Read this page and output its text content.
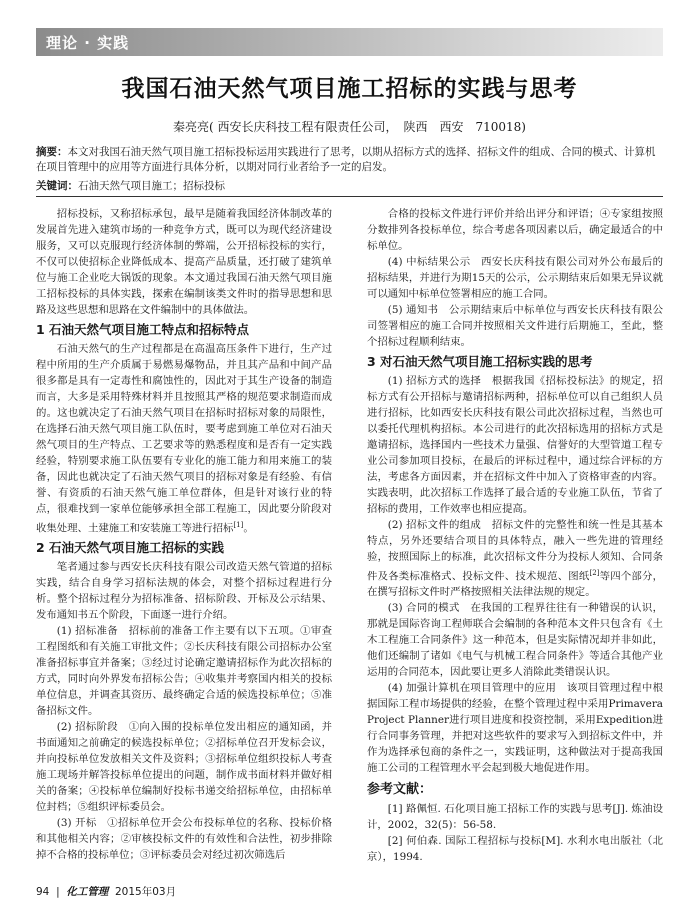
理论 · 实践
我国石油天然气项目施工招标的实践与思考
秦亮亮( 西安长庆科技工程有限责任公司，　陕西　西安　710018)
摘要：本文对我国石油天然气项目施工招标投标运用实践进行了思考，以期从招标方式的选择、招标文件的组成、合同的模式、计算机在项目管理中的应用等方面进行具体分析，以期对同行业者给予一定的启发。
关键词：石油天然气项目施工；招标投标

招标投标，又称招标承包，最早是随着我国经济体制改革的发展首先进入建筑市场的一种竞争方式，既可以为现代经济建设服务，又可以克服现行经济体制的弊端，公开招标投标的实行，不仅可以使招标企业降低成本、提高产品质量，还打破了建筑单位与施工企业吃大锅饭的现象。本文通过我国石油天然气项目施工招标投标的具体实践，探索在编制该类文件时的指导思想和思路及这些思想和思路在文件编制中的具体做法。

1 石油天然气项目施工特点和招标特点

石油天然气的生产过程都是在高温高压条件下进行，生产过程中所用的生产介质属于易燃易爆物品，并且其产品和中间产品很多都是具有一定毒性和腐蚀性的，因此对于其生产设备的制造而言，大多是采用特殊材料并且按照其严格的规范要求制造而成的。这也就决定了石油天然气项目在招标时招标对象的局限性，在选择石油天然气项目施工队伍时，要考虑到施工单位对石油天然气项目的生产特点、工艺要求等的熟悉程度和是否有一定实践经验，特别要求施工队伍要有专业化的施工能力和用来施工的装备，因此也就决定了石油天然气项目的招标对象是有经验、有信誉、有资质的石油天然气施工单位群体，但是针对该行业的特点，很难找到一家单位能够承担全部工程施工，因此要分阶段对收集处理、土建施工和安装施工等进行招标[1]。

2 石油天然气项目施工招标的实践

笔者通过参与西安长庆科技有限公司改造天然气管道的招标实践，结合自身学习招标法规的体会，对整个招标过程进行分析。整个招标过程分为招标准备、招标阶段、开标及公示结果、发布通知书五个阶段，下面逐一进行介绍。

(1) 招标准备　招标前的准备工作主要有以下五项。①审查工程图纸和有关施工审批文件；②长庆科技有限公司招标办公室准备招标事宜并备案；③经过讨论确定邀请招标作为此次招标的方式，同时向外界发布招标公告；④收集并考察国内相关的投标单位信息，并调查其资历、最终确定合适的候选投标单位；⑤准备招标文件。

(2) 招标阶段　①向入围的投标单位发出相应的通知函，并书面通知之前确定的候选投标单位；②招标单位召开发标会议，并向投标单位发放相关文件及资料；③招标单位组织投标人考查施工现场并解答投标单位提出的问题，制作成书面材料并做好相关的备案；④投标单位编制好投标书递交给招标单位，由招标单位封档；⑤组织评标委员会。

(3) 开标　①招标单位开会公布投标单位的名称、投标价格和其他相关内容；②审核投标文件的有效性和合法性，初步排除掉不合格的投标单位；③评标委员会对经过初次筛选后

合格的投标文件进行评价并给出评分和评语；④专家组按照分数排列各投标单位，综合考虑各项因素以后，确定最适合的中标单位。

(4) 中标结果公示　西安长庆科技有限公司对外公布最后的招标结果，并进行为期15天的公示，公示期结束后如果无异议就可以通知中标单位签署相应的施工合同。

(5) 通知书　公示期结束后中标单位与西安长庆科技有限公司签署相应的施工合同并按照相关文件进行后期施工，至此，整个招标过程顺利结束。

3 对石油天然气项目施工招标实践的思考

(1) 招标方式的选择　根据我国《招标投标法》的规定，招标方式有公开招标与邀请招标两种，招标单位可以自己组织人员进行招标，比如西安长庆科技有限公司此次招标过程，当然也可以委托代理机构招标。本公司进行的此次招标选用的招标方式是邀请招标，选择国内一些技术力量强、信誉好的大型管道工程专业公司参加项目投标，在最后的评标过程中，通过综合评标的方法，考虑各方面因素，并在招标文件中加入了资格审查的内容。实践表明，此次招标工作选择了最合适的专业施工队伍，节省了招标的费用，工作效率也相应提高。

(2) 招标文件的组成　招标文件的完整性和统一性是其基本特点，另外还要结合项目的具体特点，融入一些先进的管理经验，按照国际上的标准，此次招标文件分为投标人须知、合同条件及各类标准格式、投标文件、技术规范、图纸[2]等四个部分，在撰写招标文件时严格按照相关法律法规的规定。

(3) 合同的模式　在我国的工程界往往有一种错误的认识，那就是国际咨询工程师联合会编制的各种范本文件只包含有《土木工程施工合同条件》这一种范本，但是实际情况却并非如此，他们还编制了诸如《电气与机械工程合同条件》等适合其他产业运用的合同范本，因此要让更多人消除此类错误认识。

(4) 加强计算机在项目管理中的应用　该项目管理过程中根据国际工程市场提供的经验，在整个管理过程中采用Primavera Project Planner进行项目进度和投资控制，采用Expedition进行合同事务管理，并把对这些软件的要求写入到招标文件中，并作为选择承包商的条件之一，实践证明，这种做法对于提高我国施工公司的工程管理水平会起到极大地促进作用。

参考文献：

[1] 路佩恒. 石化项目施工招标工作的实践与思考[J]. 炼油设计，2002，32(5)：56-58.

[2] 何伯森. 国际工程招标与投标[M]. 水利水电出版社（北京），1994.

94 | 化工管理 2015年03月
